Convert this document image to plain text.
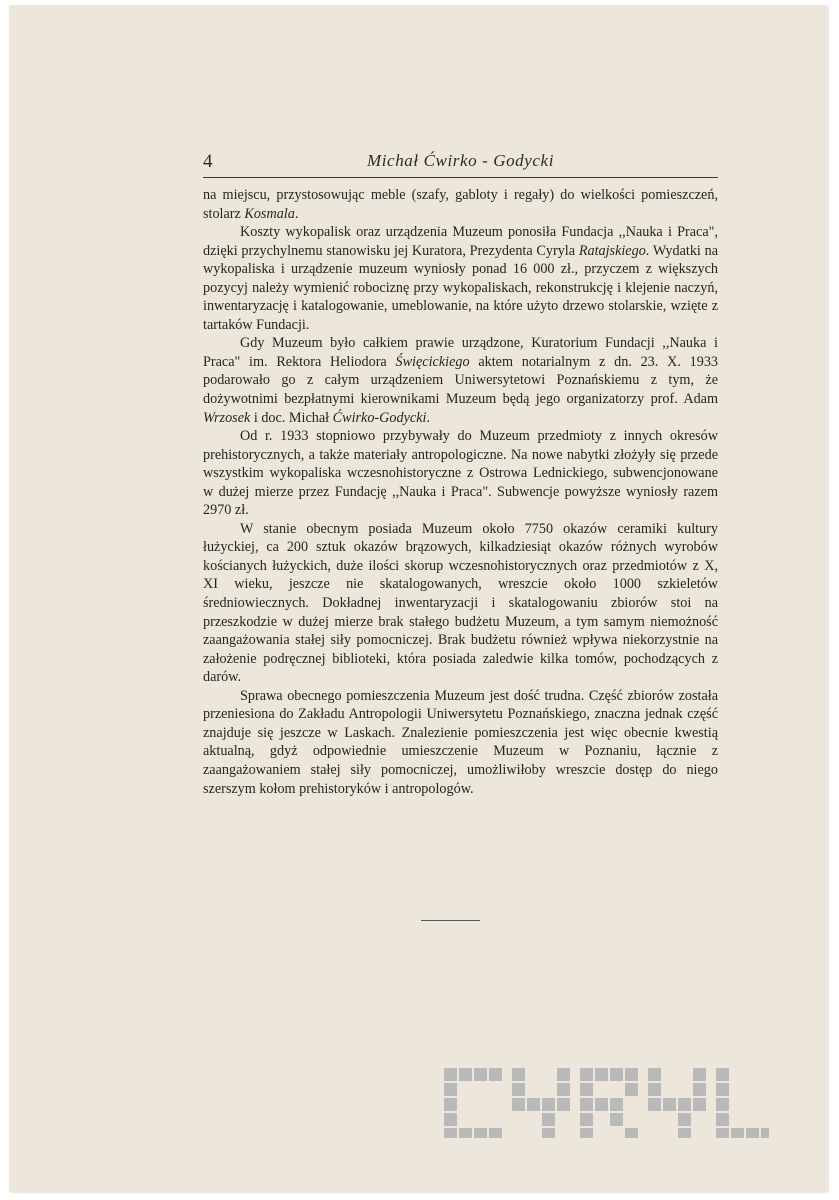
4	Michał Ćwirko - Godycki

na miejscu, przystosowując meble (szafy, gabloty i regały) do wielkości pomieszczeń, stolarz Kosmala.

Koszty wykopalisk oraz urządzenia Muzeum ponosiła Fundacja ,,Nauka i Praca", dzięki przychylnemu stanowisku jej Kuratora, Prezydenta Cyryla Ratajskiego. Wydatki na wykopaliska i urządzenie muzeum wyniosły ponad 16 000 zł., przyczem z większych pozycyj należy wymienić robociznę przy wykopaliskach, rekonstrukcję i klejenie naczyń, inwentaryzację i katalogowanie, umeblowanie, na które użyto drzewo stolarskie, wzięte z tartaków Fundacji.

Gdy Muzeum było całkiem prawie urządzone, Kuratorium Fundacji ,,Nauka i Praca" im. Rektora Heliodora Święcickiego aktem notarialnym z dn. 23. X. 1933 podarowało go z całym urządzeniem Uniwersytetowi Poznańskiemu z tym, że dożywotnimi bezpłatnymi kierownikami Muzeum będą jego organizatorzy prof. Adam Wrzosek i doc. Michał Ćwirko-Godycki.

Od r. 1933 stopniowo przybywały do Muzeum przedmioty z innych okresów prehistorycznych, a także materiały antropologiczne. Na nowe nabytki złożyły się przede wszystkim wykopaliska wczesnohistoryczne z Ostrowa Lednickiego, subwencjonowane w dużej mierze przez Fundację ,,Nauka i Praca". Subwencje powyższe wyniosły razem 2970 zł.

W stanie obecnym posiada Muzeum około 7750 okazów ceramiki kultury łużyckiej, ca 200 sztuk okazów brązowych, kilkadziesiąt okazów różnych wyrobów kościanych łużyckich, duże ilości skorup wczesnohistorycznych oraz przedmiotów z X, XI wieku, jeszcze nie skatalogowanych, wreszcie około 1000 szkieletów średniowiecznych. Dokładnej inwentaryzacji i skatalogowaniu zbiorów stoi na przeszkodzie w dużej mierze brak stałego budżetu Muzeum, a tym samym niemożność zaangażowania stałej siły pomocniczej. Brak budżetu również wpływa niekorzystnie na założenie podręcznej biblioteki, która posiada zaledwie kilka tomów, pochodzących z darów.

Sprawa obecnego pomieszczenia Muzeum jest dość trudna. Część zbiorów została przeniesiona do Zakładu Antropologii Uniwersytetu Poznańskiego, znaczna jednak część znajduje się jeszcze w Laskach. Znalezienie pomieszczenia jest więc obecnie kwestią aktualną, gdyż odpowiednie umieszczenie Muzeum w Poznaniu, łącznie z zaangażowaniem stałej siły pomocniczej, umożliwiłoby wreszcie dostęp do niego szerszym kołom prehistoryków i antropologów.
